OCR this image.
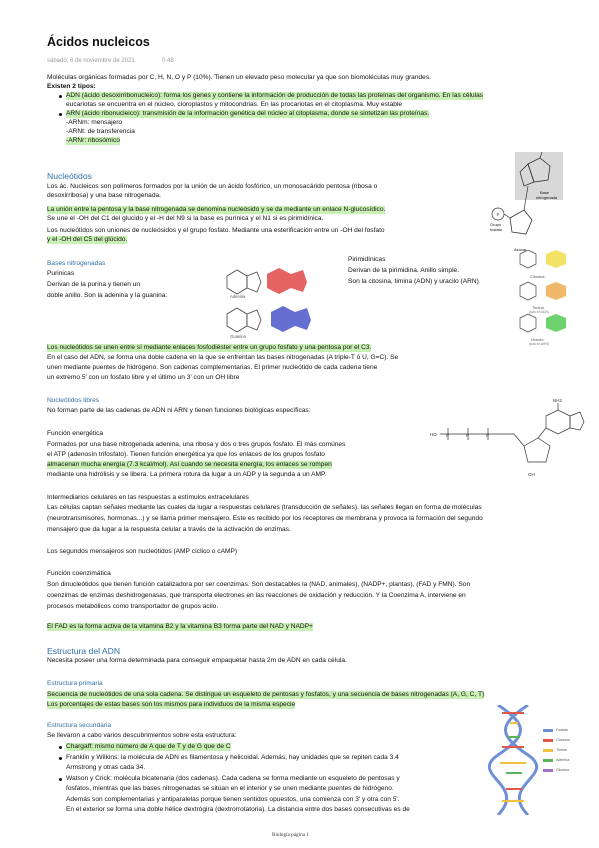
Ácidos nucleicos
sábado, 6 de noviembre de 2021	0:48
Moléculas orgánicas formadas por C, H, N, O y P (10%). Tienen un elevado peso molecular ya que son biomoléculas muy grandes.
Existen 2 tipos:
ADN (ácido desoxirribonucleico): forma los genes y contiene la información de producción de todas las proteínas del organismo. En las células
eucariotas se encuentra en el núcleo, cloroplastos y mitocondrias. En las procariotas en el citoplasma. Muy estable
ARN (ácido ribonucleico): transmisión de la información genética del núcleo al citoplasma, donde se sintetizan las proteínas.
-ARNm: mensajero
-ARNt: de transferencia
-ARNr: ribosómico
Nucleótidos
Los ác. Nucleicos son polímeros formados por la unión de un ácido fosfórico, un monosacárido pentosa (ribosa o
desoxirribosa) y una base nitrogenada.
La unión entre la pentosa y la base nitrogenada se denomina nucleósido y se da mediante un enlace N-glucosídico.
Se une el -OH del C1 del glucido y el -H del N9 si la base es purínica y el N1 si es pirimidínica.
Los nucleótidos son uniones de nucleósidos y el grupo fosfato. Mediante una esterificación entre un -OH del fosfato
y el -OH del C5 del glúcido.
P
Base
nitrogenada
Grupo
fosfato
Azúcar
Bases nitrogenadas
Purinicas
Derivan de la purina y tienen un
doble anillo. Son la adenina y la guanina.
Pirimidínicas
Derivan de la pirimidina. Anillo simple.
Son la citosina, timina (ADN) y uracilo (ARN)
Adenina
Guanina
Citosina
Timina
(solo en ADN)
Uracilo
(solo en ARN)
Los nucleótidos se unen entre sí mediante enlaces fosfodiéster entre un grupo fosfato y una pentosa por el C3.
En el caso del ADN, se forma una doble cadena en la que se enfrentan las bases nitrogenadas (A triple-T ó U, G=C). Se
unen mediante puentes de hidrógeno. Son cadenas complementarias. El primer nucleótido de cada cadena tiene
un extremo 5' con un fosfato libre y el último un 3' con un OH libre
Nucleótidos libres
No forman parte de las cadenas de ADN ni ARN y tienen funciones biológicas específicas:
Función energética
Formados por una base nitrogenada adenina, una ribosa y dos o tres grupos fosfato. El más comúnes
el ATP (adenosín trifosfato). Tienen función energética ya que los enlaces de los grupos fosfato
almacenan mucha energía (7.3 kcal/mol). Así cuando se necesita energía, los enlaces se rompen
mediante una hidrólisis y se libera. La primera rotura da lugar a un ADP y la segunda a un AMP.
HO P	P	P
OH
NH2
Intermediarios celulares en las respuestas a estímulos extracelulares
Las células captan señales mediante las cuales da lugar a respuestas celulares (transducción de señales). las señales llegan en forma de moléculas
(neurotransmisores, hormonas...) y se llama primer mensajero. Este es recibido por los receptores de membrana y provoca la formación del segundo
mensajero que da lugar a la respuesta celular a través de la activación de enzimas.
Los segundos mensajeros son nucleótidos (AMP cíclico o cAMP)
Función coenzimática
Son dinucleótidos que tienen función catalizadora por ser coenzimas. Son destacables la (NAD, animales), (NADP+, plantas), (FAD y FMN). Son
coenzimas de enzimas deshidrogenasas, que transporta electrones en las reacciones de oxidación y reducción. Y la Coenzima A, interviene en
procesos metabólicos como transportador de grupos acilo.
El FAD es la forma activa de la vitamina B2 y la vitamina B3 forma parte del NAD y NADP+
Estructura del ADN
Necesita poseer una forma determinada para conseguir empaquetar hasta 2m de ADN en cada célula.
Estructura primaria
Secuencia de nucleótidos de una sola cadena. Se distingue un esqueleto de pentosas y fosfatos, y una secuencia de bases nitrogenadas (A, G, C, T)
Los porcentajes de estas bases son los mismos para individuos de la misma especie
Estructura secundaria
Se llevaron a cabo varios descubrimientos sobre esta estructura:
Chargaff: mismo número de A que de T y de G que de C
Franklin y Wilkins: la molécula de ADN es filamentosa y helicoidal. Además, hay unidades que se repiten cada 3.4
Armstrong y otras cada 34.
Watson y Crick: molécula bicatenaria (dos cadenas). Cada cadena se forma mediante un esqueleto de pentosas y
fosfatos, mientras que las bases nitrogenadas se sitúan en el interior y se unen mediante puentes de hidrógeno.
Además son complementarias y antiparalelas porque tienen sentidos opuestos, una comienza con 3' y otra con 5'.
En el exterior se forma una doble hélice dextrógira (dextrorrotatoria). La distancia entre dos bases consecutivas es de
Fosfato
Guanina
Timina
Adenina
Citosina
Biología página 1
